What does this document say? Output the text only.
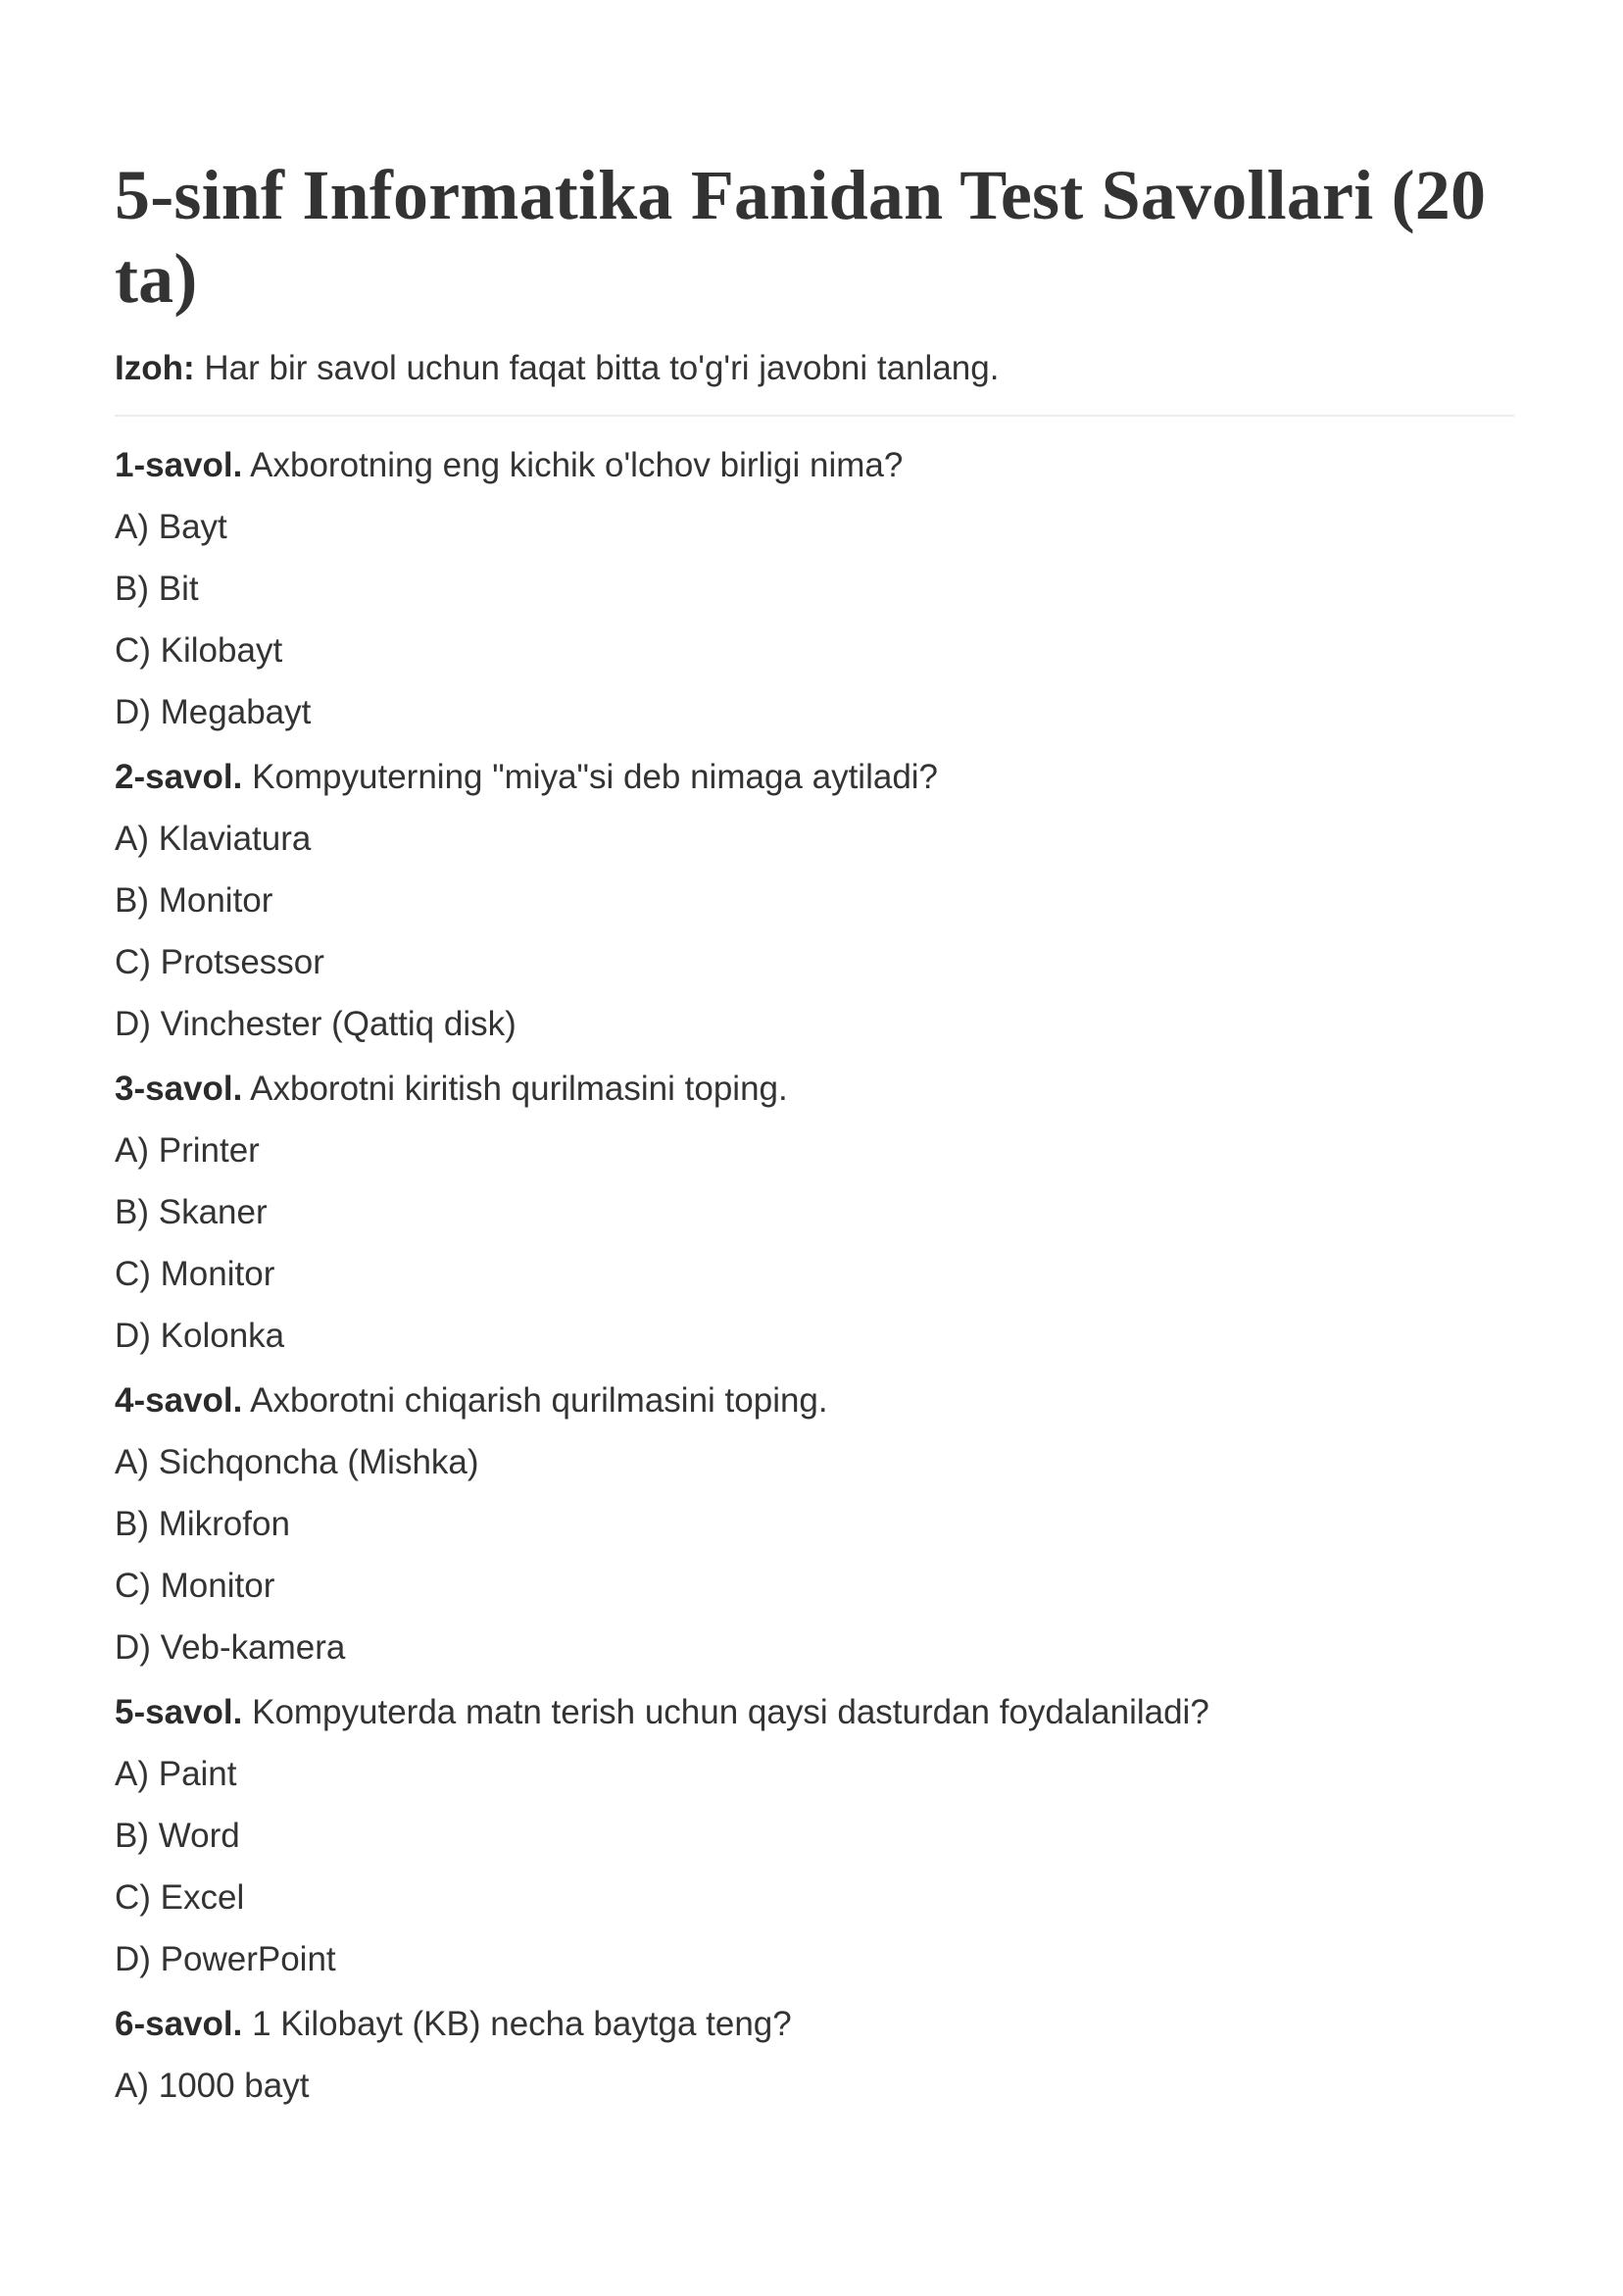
5-sinf Informatika Fanidan Test Savollari (20 ta)
Izoh: Har bir savol uchun faqat bitta to'g'ri javobni tanlang.
1-savol. Axborotning eng kichik o'lchov birligi nima?
A) Bayt
B) Bit
C) Kilobayt
D) Megabayt
2-savol. Kompyuterning "miya"si deb nimaga aytiladi?
A) Klaviatura
B) Monitor
C) Protsessor
D) Vinchester (Qattiq disk)
3-savol. Axborotni kiritish qurilmasini toping.
A) Printer
B) Skaner
C) Monitor
D) Kolonka
4-savol. Axborotni chiqarish qurilmasini toping.
A) Sichqoncha (Mishka)
B) Mikrofon
C) Monitor
D) Veb-kamera
5-savol. Kompyuterda matn terish uchun qaysi dasturdan foydalaniladi?
A) Paint
B) Word
C) Excel
D) PowerPoint
6-savol. 1 Kilobayt (KB) necha baytga teng?
A) 1000 bayt
